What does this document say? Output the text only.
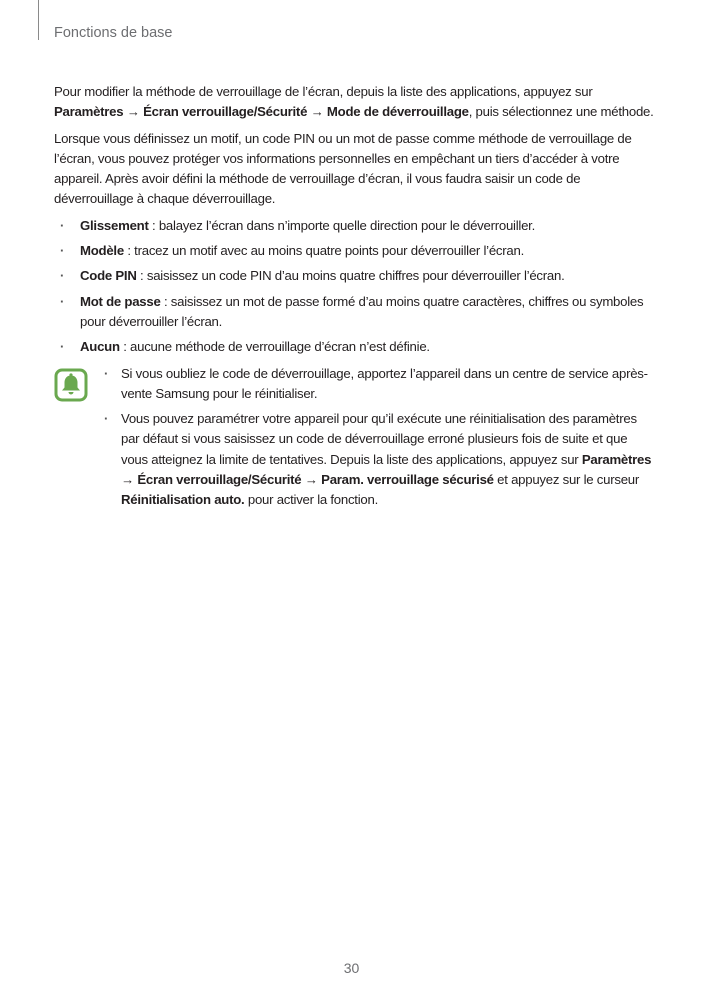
Fonctions de base

Pour modifier la méthode de verrouillage de l’écran, depuis la liste des applications, appuyez sur Paramètres → Écran verrouillage/Sécurité → Mode de déverrouillage, puis sélectionnez une méthode.

Lorsque vous définissez un motif, un code PIN ou un mot de passe comme méthode de verrouillage de l’écran, vous pouvez protéger vos informations personnelles en empêchant un tiers d’accéder à votre appareil. Après avoir défini la méthode de verrouillage d’écran, il vous faudra saisir un code de déverrouillage à chaque déverrouillage.

· Glissement : balayez l’écran dans n’importe quelle direction pour le déverrouiller.
· Modèle : tracez un motif avec au moins quatre points pour déverrouiller l’écran.
· Code PIN : saisissez un code PIN d’au moins quatre chiffres pour déverrouiller l’écran.
· Mot de passe : saisissez un mot de passe formé d’au moins quatre caractères, chiffres ou symboles pour déverrouiller l’écran.
· Aucun : aucune méthode de verrouillage d’écran n’est définie.
· Si vous oubliez le code de déverrouillage, apportez l’appareil dans un centre de service après-vente Samsung pour le réinitialiser.
· Vous pouvez paramétrer votre appareil pour qu’il exécute une réinitialisation des paramètres par défaut si vous saisissez un code de déverrouillage erroné plusieurs fois de suite et que vous atteignez la limite de tentatives. Depuis la liste des applications, appuyez sur Paramètres → Écran verrouillage/Sécurité → Param. verrouillage sécurisé et appuyez sur le curseur Réinitialisation auto. pour activer la fonction.
30
